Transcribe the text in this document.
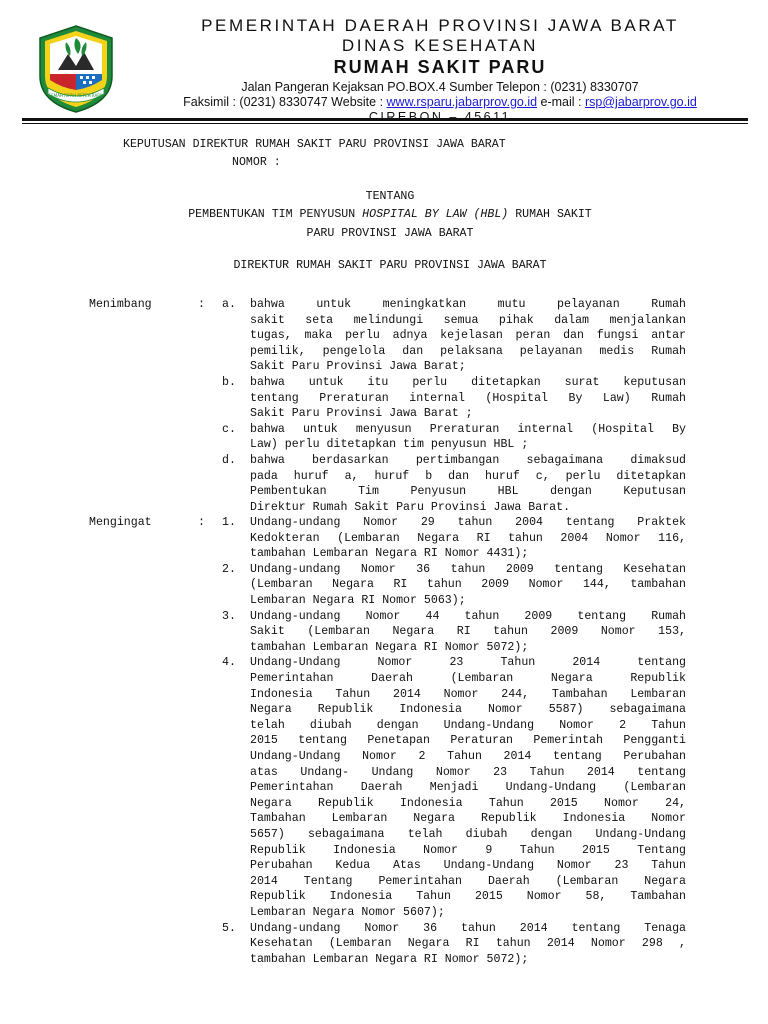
GEMAH RIPAH REPEH RAPIH
PEMERINTAH DAERAH PROVINSI JAWA BARAT
DINAS KESEHATAN
RUMAH SAKIT PARU
Jalan Pangeran Kejaksan PO.BOX.4 Sumber Telepon : (0231) 8330707
Faksimil : (0231) 8330747 Website : www.rsparu.jabarprov.go.id e-mail : rsp@jabarprov.go.id
CIREBON – 45611
KEPUTUSAN DIREKTUR RUMAH SAKIT PARU PROVINSI JAWA BARAT
NOMOR :
TENTANG
PEMBENTUKAN TIM PENYUSUN HOSPITAL BY LAW (HBL) RUMAH SAKIT
PARU PROVINSI JAWA BARAT
DIREKTUR RUMAH SAKIT PARU PROVINSI JAWA BARAT
Menimbang	: a.	bahwa untuk meningkatkan mutu pelayanan Rumah
sakit seta melindungi semua pihak dalam menjalankan
tugas, maka perlu adnya kejelasan peran dan fungsi antar
pemilik, pengelola dan pelaksana pelayanan medis Rumah
Sakit Paru Provinsi Jawa Barat;
b.	bahwa untuk itu perlu ditetapkan surat keputusan
tentang Preraturan internal (Hospital By Law) Rumah
Sakit Paru Provinsi Jawa Barat ;
c.	bahwa untuk menyusun Preraturan internal (Hospital By
Law) perlu ditetapkan tim penyusun HBL ;
d.	bahwa berdasarkan pertimbangan sebagaimana dimaksud
pada huruf a, huruf b dan huruf c, perlu ditetapkan
Pembentukan Tim Penyusun HBL dengan Keputusan
Direktur Rumah Sakit Paru Provinsi Jawa Barat.
Mengingat	: 1.	Undang-undang Nomor 29 tahun 2004 tentang Praktek
Kedokteran (Lembaran Negara RI tahun 2004 Nomor 116,
tambahan Lembaran Negara RI Nomor 4431);
2.	Undang-undang Nomor 36 tahun 2009 tentang Kesehatan
(Lembaran Negara RI tahun 2009 Nomor 144, tambahan
Lembaran Negara RI Nomor 5063);
3.	Undang-undang Nomor 44 tahun 2009 tentang Rumah
Sakit (Lembaran Negara RI tahun 2009 Nomor 153,
tambahan Lembaran Negara RI Nomor 5072);
4.	Undang-Undang Nomor 23 Tahun 2014 tentang
Pemerintahan Daerah (Lembaran Negara Republik
Indonesia Tahun 2014 Nomor 244, Tambahan Lembaran
Negara Republik Indonesia Nomor 5587) sebagaimana
telah diubah dengan Undang-Undang Nomor 2 Tahun
2015 tentang Penetapan Peraturan Pemerintah Pengganti
Undang-Undang Nomor 2 Tahun 2014 tentang Perubahan
atas Undang- Undang Nomor 23 Tahun 2014 tentang
Pemerintahan Daerah Menjadi Undang-Undang (Lembaran
Negara Republik Indonesia Tahun 2015 Nomor 24,
Tambahan Lembaran Negara Republik Indonesia Nomor
5657) sebagaimana telah diubah dengan Undang-Undang
Republik Indonesia Nomor 9 Tahun 2015 Tentang
Perubahan Kedua Atas Undang-Undang Nomor 23 Tahun
2014 Tentang Pemerintahan Daerah (Lembaran Negara
Republik Indonesia Tahun 2015 Nomor 58, Tambahan
Lembaran Negara Nomor 5607);
5.	Undang-undang Nomor 36 tahun 2014 tentang Tenaga
Kesehatan (Lembaran Negara RI tahun 2014 Nomor 298 ,
tambahan Lembaran Negara RI Nomor 5072);
